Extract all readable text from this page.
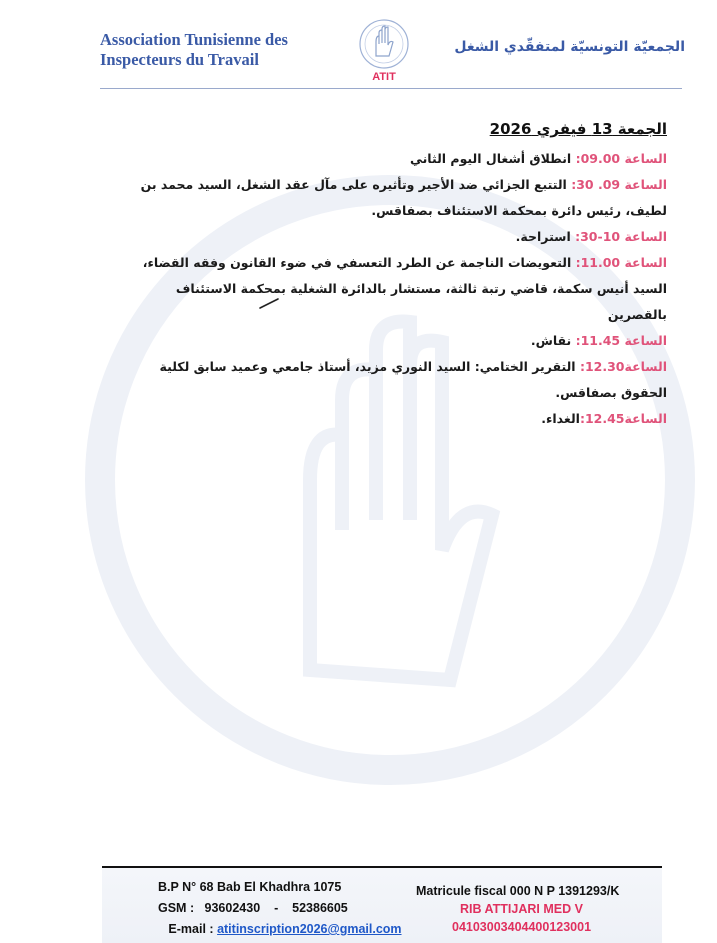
Association Tunisienne des
Inspecteurs du Travail
ATIT
الجمعيّة التونسيّة لمتفقّدي الشغل
الجمعة 13 فيفري 2026
الساعة 09.00: انطلاق أشغال اليوم الثاني
الساعة 09. 30: التتبع الجزائي ضد الأجير وتأثيره على مآل عقد الشغل، السيد محمد بن لطيف، رئيس دائرة بمحكمة الاستئناف بصفاقس.
الساعة 10-30: استراحة.
الساعة 11.00: التعويضات الناجمة عن الطرد التعسفي في ضوء القانون وفقه القضاء، السيد أنيس سكمة، قاضي رتبة ثالثة، مستشار بالدائرة الشغلية بمحكمة الاستئناف بالقصرين
الساعة 11.45: نقاش.
الساعة12.30: التقرير الختامي: السيد النوري مزيد، أستاذ جامعي وعميد سابق لكلية الحقوق بصفاقس.
الساعة12.45:الغداء.
B.P N° 68 Bab El Khadhra 1075
GSM : 93602430 - 52386605
E-mail : atitinscription2026@gmail.com
Matricule fiscal 000 N P 1391293/K
RIB ATTIJARI MED V
04103003404400123001
